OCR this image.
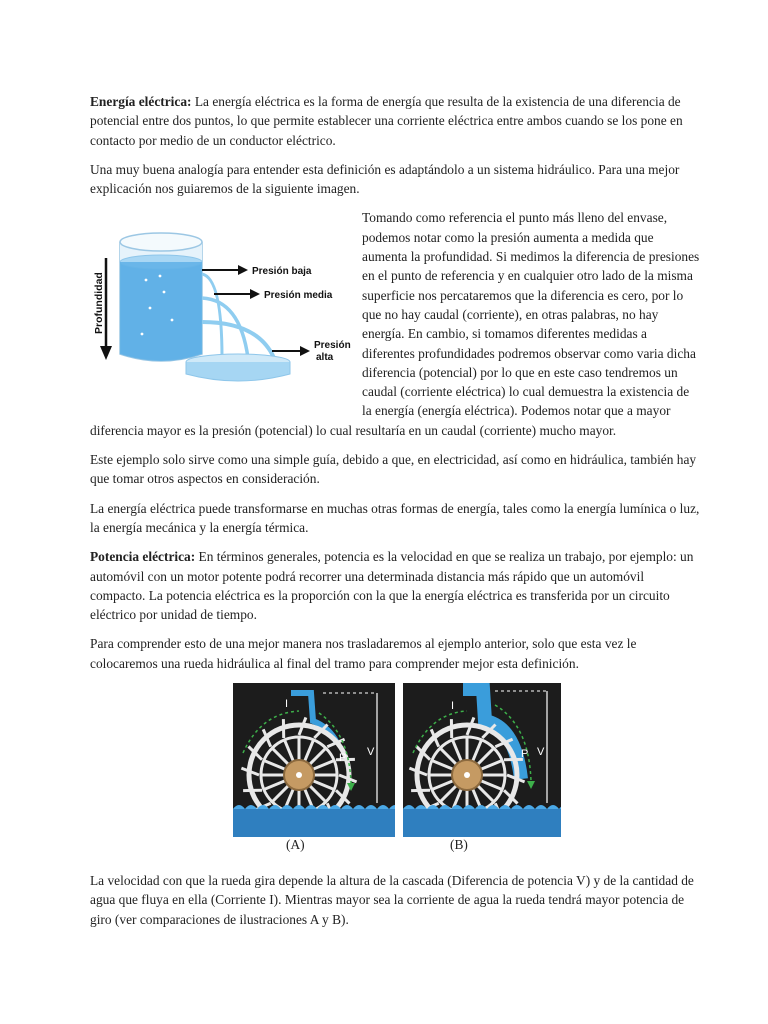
Energía eléctrica: La energía eléctrica es la forma de energía que resulta de la existencia de una diferencia de potencial entre dos puntos, lo que permite establecer una corriente eléctrica entre ambos cuando se los pone en contacto por medio de un conductor eléctrico.

Una muy buena analogía para entender esta definición es adaptándolo a un sistema hidráulico. Para una mejor explicación nos guiaremos de la siguiente imagen.

Profundidad
Presión baja
Presión media
Presión
alta

Tomando como referencia el punto más lleno del envase, podemos notar como la presión aumenta a medida que aumenta la profundidad. Si medimos la diferencia de presiones en el punto de referencia y en cualquier otro lado de la misma superficie nos percataremos que la diferencia es cero, por lo que no hay caudal (corriente), en otras palabras, no hay energía. En cambio, si tomamos diferentes medidas a diferentes profundidades podremos observar como varia dicha diferencia (potencial) por lo que en este caso tendremos un caudal (corriente eléctrica) lo cual demuestra la existencia de la energía (energía eléctrica). Podemos notar que a mayor diferencia mayor es la presión (potencial) lo cual resultaría en un caudal (corriente) mucho mayor.

Este ejemplo solo sirve como una simple guía, debido a que, en electricidad, así como en hidráulica, también hay que tomar otros aspectos en consideración.

La energía eléctrica puede transformarse en muchas otras formas de energía, tales como la energía lumínica o luz, la energía mecánica y la energía térmica.

Potencia eléctrica: En términos generales, potencia es la velocidad en que se realiza un trabajo, por ejemplo: un automóvil con un motor potente podrá recorrer una determinada distancia más rápido que un automóvil compacto. La potencia eléctrica es la proporción con la que la energía eléctrica es transferida por un circuito eléctrico por unidad de tiempo.

Para comprender esto de una mejor manera nos trasladaremos al ejemplo anterior, solo que esta vez le colocaremos una rueda hidráulica al final del tramo para comprender mejor esta definición.

I
P V
I
P V
(A)	(B)

La velocidad con que la rueda gira depende la altura de la cascada (Diferencia de potencia V) y de la cantidad de agua que fluya en ella (Corriente I). Mientras mayor sea la corriente de agua la rueda tendrá mayor potencia de giro (ver comparaciones de ilustraciones A y B).
